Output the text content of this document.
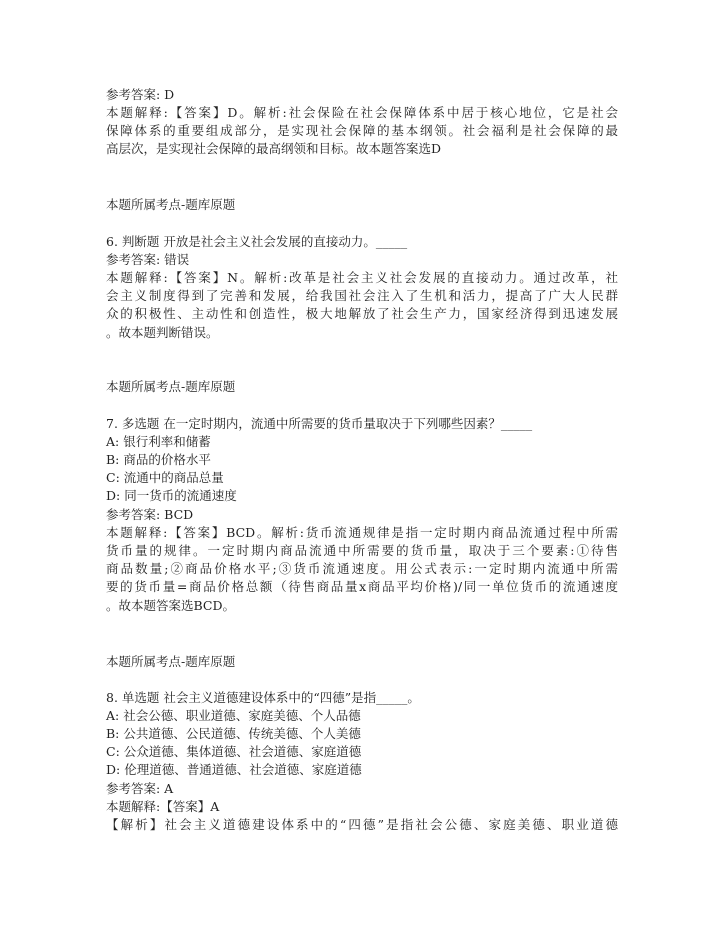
参考答案: D
本题解释:【答案】D。解析:社会保险在社会保障体系中居于核心地位，它是社会
保障体系的重要组成部分，是实现社会保障的基本纲领。社会福利是社会保障的最
高层次，是实现社会保障的最高纲领和目标。故本题答案选D
本题所属考点-题库原题
6. 判断题 开放是社会主义社会发展的直接动力。_____
参考答案: 错误
本题解释:【答案】N。解析:改革是社会主义社会发展的直接动力。通过改革，社
会主义制度得到了完善和发展，给我国社会注入了生机和活力，提高了广大人民群
众的积极性、主动性和创造性，极大地解放了社会生产力，国家经济得到迅速发展
。故本题判断错误。
本题所属考点-题库原题
7. 多选题 在一定时期内，流通中所需要的货币量取决于下列哪些因素？_____
A: 银行利率和储蓄
B: 商品的价格水平
C: 流通中的商品总量
D: 同一货币的流通速度
参考答案: BCD
本题解释:【答案】BCD。解析:货币流通规律是指一定时期内商品流通过程中所需
货币量的规律。一定时期内商品流通中所需要的货币量，取决于三个要素:①待售
商品数量;②商品价格水平;③货币流通速度。用公式表示:一定时期内流通中所需
要的货币量=商品价格总额（待售商品量x商品平均价格)/同一单位货币的流通速度
。故本题答案选BCD。
本题所属考点-题库原题
8. 单选题 社会主义道德建设体系中的“四德”是指_____。
A: 社会公德、职业道德、家庭美德、个人品德
B: 公共道德、公民道德、传统美德、个人美德
C: 公众道德、集体道德、社会道德、家庭道德
D: 伦理道德、普通道德、社会道德、家庭道德
参考答案: A
本题解释:【答案】A
【解析】社会主义道德建设体系中的“四德”是指社会公德、家庭美德、职业道德
